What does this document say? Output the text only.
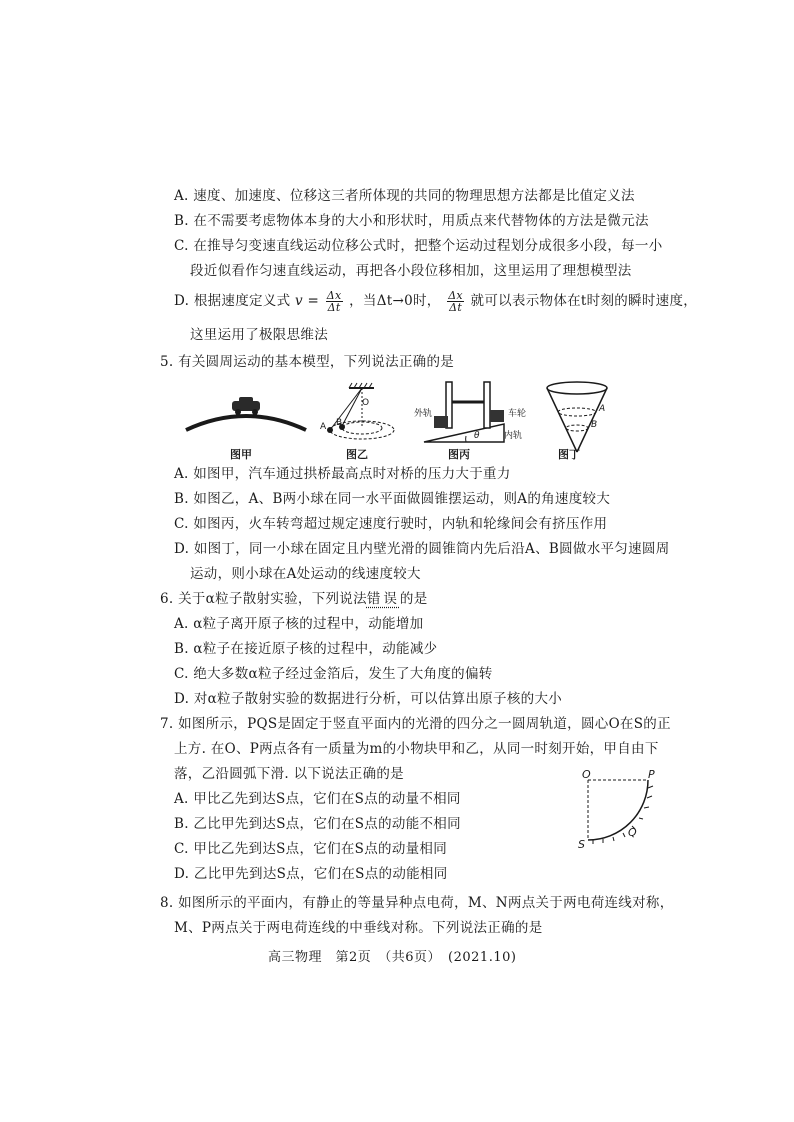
A. 速度、加速度、位移这三者所体现的共同的物理思想方法都是比值定义法
B. 在不需要考虑物体本身的大小和形状时，用质点来代替物体的方法是微元法
C. 在推导匀变速直线运动位移公式时，把整个运动过程划分成很多小段，每一小
段近似看作匀速直线运动，再把各小段位移相加，这里运用了理想模型法
D. 根据速度定义式 $v = \frac{\Delta x}{\Delta t}$ ，当Δt→0时， $\frac{\Delta x}{\Delta t}$ 就可以表示物体在t时刻的瞬时速度，
这里运用了极限思维法
5. 有关圆周运动的基本模型，下列说法正确的是
图甲	图乙	图丙	图丁
O
A B
外轨	车轮
内轨
θ
A
B
A. 如图甲，汽车通过拱桥最高点时对桥的压力大于重力
B. 如图乙，A、B两小球在同一水平面做圆锥摆运动，则A的角速度较大
C. 如图丙，火车转弯超过规定速度行驶时，内轨和轮缘间会有挤压作用
D. 如图丁，同一小球在固定且内壁光滑的圆锥筒内先后沿A、B圆做水平匀速圆周
运动，则小球在A处运动的线速度较大
6. 关于α粒子散射实验，下列说法错误的是
A. α粒子离开原子核的过程中，动能增加
B. α粒子在接近原子核的过程中，动能减少
C. 绝大多数α粒子经过金箔后，发生了大角度的偏转
D. 对α粒子散射实验的数据进行分析，可以估算出原子核的大小
7. 如图所示，PQS是固定于竖直平面内的光滑的四分之一圆周轨道，圆心O在S的正
上方. 在O、P两点各有一质量为m的小物块甲和乙，从同一时刻开始，甲自由下
落，乙沿圆弧下滑. 以下说法正确的是
A. 甲比乙先到达S点，它们在S点的动量不相同
B. 乙比甲先到达S点，它们在S点的动能不相同
C. 甲比乙先到达S点，它们在S点的动量相同
D. 乙比甲先到达S点，它们在S点的动能相同
O	P
Q
S
8. 如图所示的平面内，有静止的等量异种点电荷，M、N两点关于两电荷连线对称，
M、P两点关于两电荷连线的中垂线对称。下列说法正确的是
高三物理　第2页　（共6页）　(2021.10)
